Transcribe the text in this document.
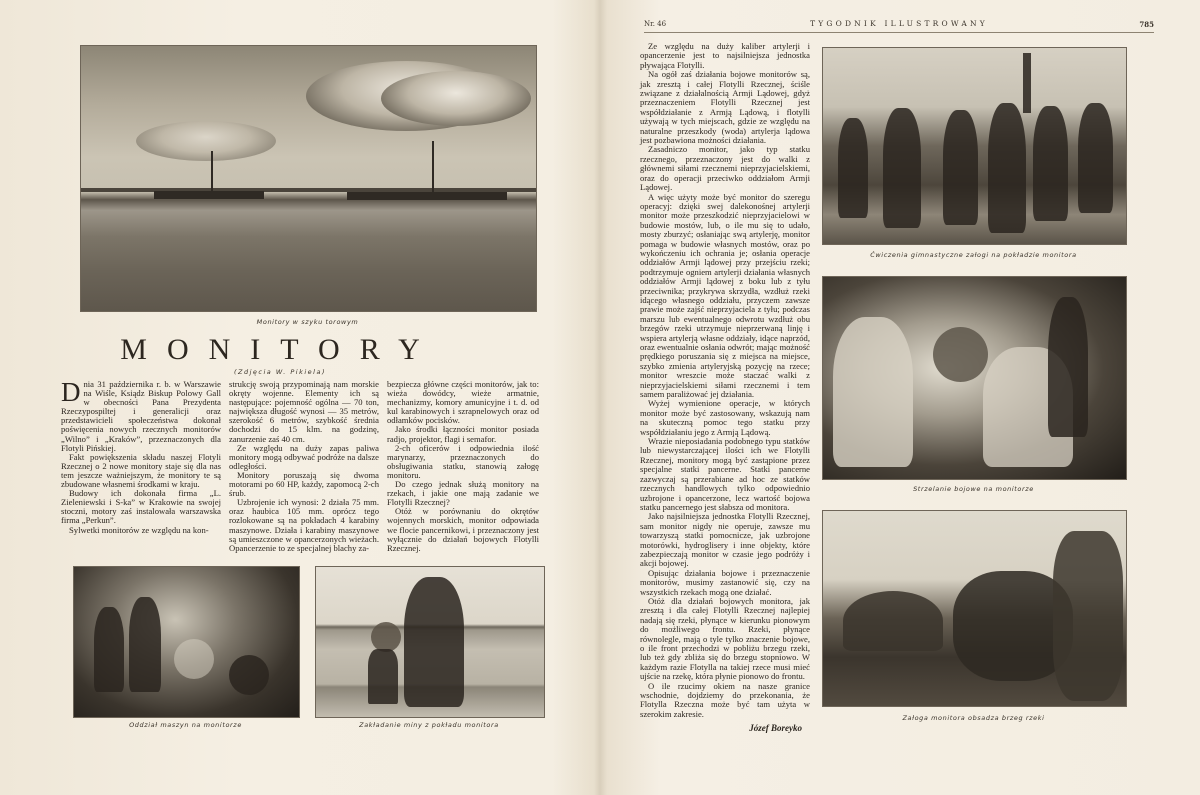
Monitory w szyku torowym
MONITORY
(Zdjęcia W. Pikiela)

Dnia 31 października r. b. w Warszawie na Wiśle, Ksiądz Biskup Polowy Gall w obecności Pana Prezydenta Rzeczypospiltej i generalicji oraz przedstawicieli społeczeństwa dokonał poświęcenia nowych rzecznych monitorów „Wilno” i „Kraków”, przeznaczonych dla Flotyli Pińskiej.

Fakt powiększenia składu naszej Flotyli Rzecznej o 2 nowe monitory staje się dla nas tem jeszcze ważniejszym, że monitory te są zbudowane własnemi środkami w kraju.

Budowy ich dokonała firma „L. Zieleniewski i S-ka” w Krakowie na swojej stoczni, motory zaś instalowała warszawska firma „Perkun”.

Sylwetki monitorów ze względu na kon-

strukcję swoją przypominają nam morskie okręty wojenne. Elementy ich są następujące: pojemność ogólna — 70 ton, największa długość wynosi — 35 metrów, szerokość 6 metrów, szybkość średnia dochodzi do 15 klm. na godzinę, zanurzenie zaś 40 cm.

Ze względu na duży zapas paliwa monitory mogą odbywać podróże na dalsze odległości.

Monitory poruszają się dwoma motorami po 60 HP, każdy, zapomocą 2-ch śrub.

Uzbrojenie ich wynosi: 2 działa 75 mm. oraz haubica 105 mm. oprócz tego rozlokowane są na pokładach 4 karabiny maszynowe. Działa i karabiny maszynowe są umieszczone w opancerzonych wieżach. Opancerzenie to ze specjalnej blachy za-

bezpiecza główne części monitorów, jak to: wieża dowódcy, wieże armatnie, mechanizmy, komory amunicyjne i t. d. od kul karabinowych i szrapnelowych oraz od odłamków pocisków.

Jako środki łączności monitor posiada radjo, projektor, flagi i semafor.

2-ch oficerów i odpowiednia ilość marynarzy, przeznaczonych do obsługiwania statku, stanowią załogę monitoru.

Do czego jednak służą monitory na rzekach, i jakie one mają zadanie we Flotylli Rzecznej?

Otóż w porównaniu do okrętów wojennych morskich, monitor odpowiada we flocie pancernikowi, i przeznaczony jest wyłącznie do działań bojowych Flotylli Rzecznej.

Oddział maszyn na monitorze	Zakładanie miny z pokładu monitora
Nr. 46	TYGODNIK ILLUSTROWANY	785

Ze względu na duży kaliber artylerji i opancerzenie jest to najsilniejsza jednostka pływająca Flotylli.

Na ogół zaś działania bojowe monitorów są, jak zresztą i całej Flotylli Rzecznej, ściśle związane z działalnością Armji Lądowej, gdyż przeznaczeniem Flotylli Rzecznej jest współdziałanie z Armją Lądową, i flotylli używają w tych miejscach, gdzie ze względu na naturalne przeszkody (woda) artylerja lądowa jest pozbawiona możności działania.

Zasadniczo monitor, jako typ statku rzecznego, przeznaczony jest do walki z głównemi siłami rzecznemi nieprzyjacielskiemi, oraz do operacji przeciwko oddziałom Armji Lądowej.

A więc użyty może być monitor do szeregu operacyj: dzięki swej dalekonośnej artylerji monitor może przeszkodzić nieprzyjacielowi w budowie mostów, lub, o ile mu się to udało, mosty zburzyć; osłaniając swą artylerję, monitor pomaga w budowie własnych mostów, oraz po wykończeniu ich ochrania je; osłania operacje oddziałów Armji lądowej przy przejściu rzeki; podtrzymuje ogniem artylerji działania własnych oddziałów Armji lądowej z boku lub z tyłu przeciwnika; przykrywa skrzydła, wzdłuż rzeki idącego własnego oddziału, przyczem zawsze prawie może zajść nieprzyjaciela z tyłu; podczas marszu lub ewentualnego odwrotu wzdłuż obu brzegów rzeki utrzymuje nieprzerwaną linję i wspiera artylerją własne oddziały, idące naprzód, oraz ewentualnie osłania odwrót; mając możność prędkiego poruszania się z miejsca na miejsce, szybko zmienia artyleryjską pozycję na rzece; monitor wreszcie może staczać walki z nieprzyjacielskiemi siłami rzecznemi i tem samem paraliżować jej działania.

Wyżej wymienione operacje, w których monitor może być zastosowany, wskazują nam na skuteczną pomoc tego statku przy współdziałaniu jego z Armją Lądową.

Wrazie nieposiadania podobnego typu statków lub niewystarczającej ilości ich we Flotylli Rzecznej, monitory mogą być zastąpione przez specjalne statki pancerne. Statki pancerne zazwyczaj są przerabiane ad hoc ze statków rzecznych handlowych tylko odpowiednio uzbrojone i opancerzone, lecz wartość bojowa statku pancernego jest słabsza od monitora.

Jako najsilniejsza jednostka Flotylli Rzecznej, sam monitor nigdy nie operuje, zawsze mu towarzyszą statki pomocnicze, jak uzbrojone motorówki, hydroglisery i inne objekty, które zabezpieczają monitor w czasie jego podróży i akcji bojowej.

Opisując działania bojowe i przeznaczenie monitorów, musimy zastanowić się, czy na wszystkich rzekach mogą one działać.

Otóż dla działań bojowych monitora, jak zresztą i dla całej Flotylli Rzecznej najlepiej nadają się rzeki, płynące w kierunku pionowym do możliwego frontu. Rzeki, płynące równolegle, mają o tyle tylko znaczenie bojowe, o ile front przechodzi w pobliżu brzegu rzeki, lub też gdy zbliża się do brzegu stopniowo. W każdym razie Flotylla na takiej rzece musi mieć ujście na rzekę, która płynie pionowo do frontu.

O ile rzucimy okiem na nasze granice wschodnie, dojdziemy do przekonania, że Flotylla Rzeczna może być tam użyta w szerokim zakresie.

Józef Boreyko
Ćwiczenia gimnastyczne załogi na pokładzie monitora
Strzelanie bojowe na monitorze
Załoga monitora obsadza brzeg rzeki
